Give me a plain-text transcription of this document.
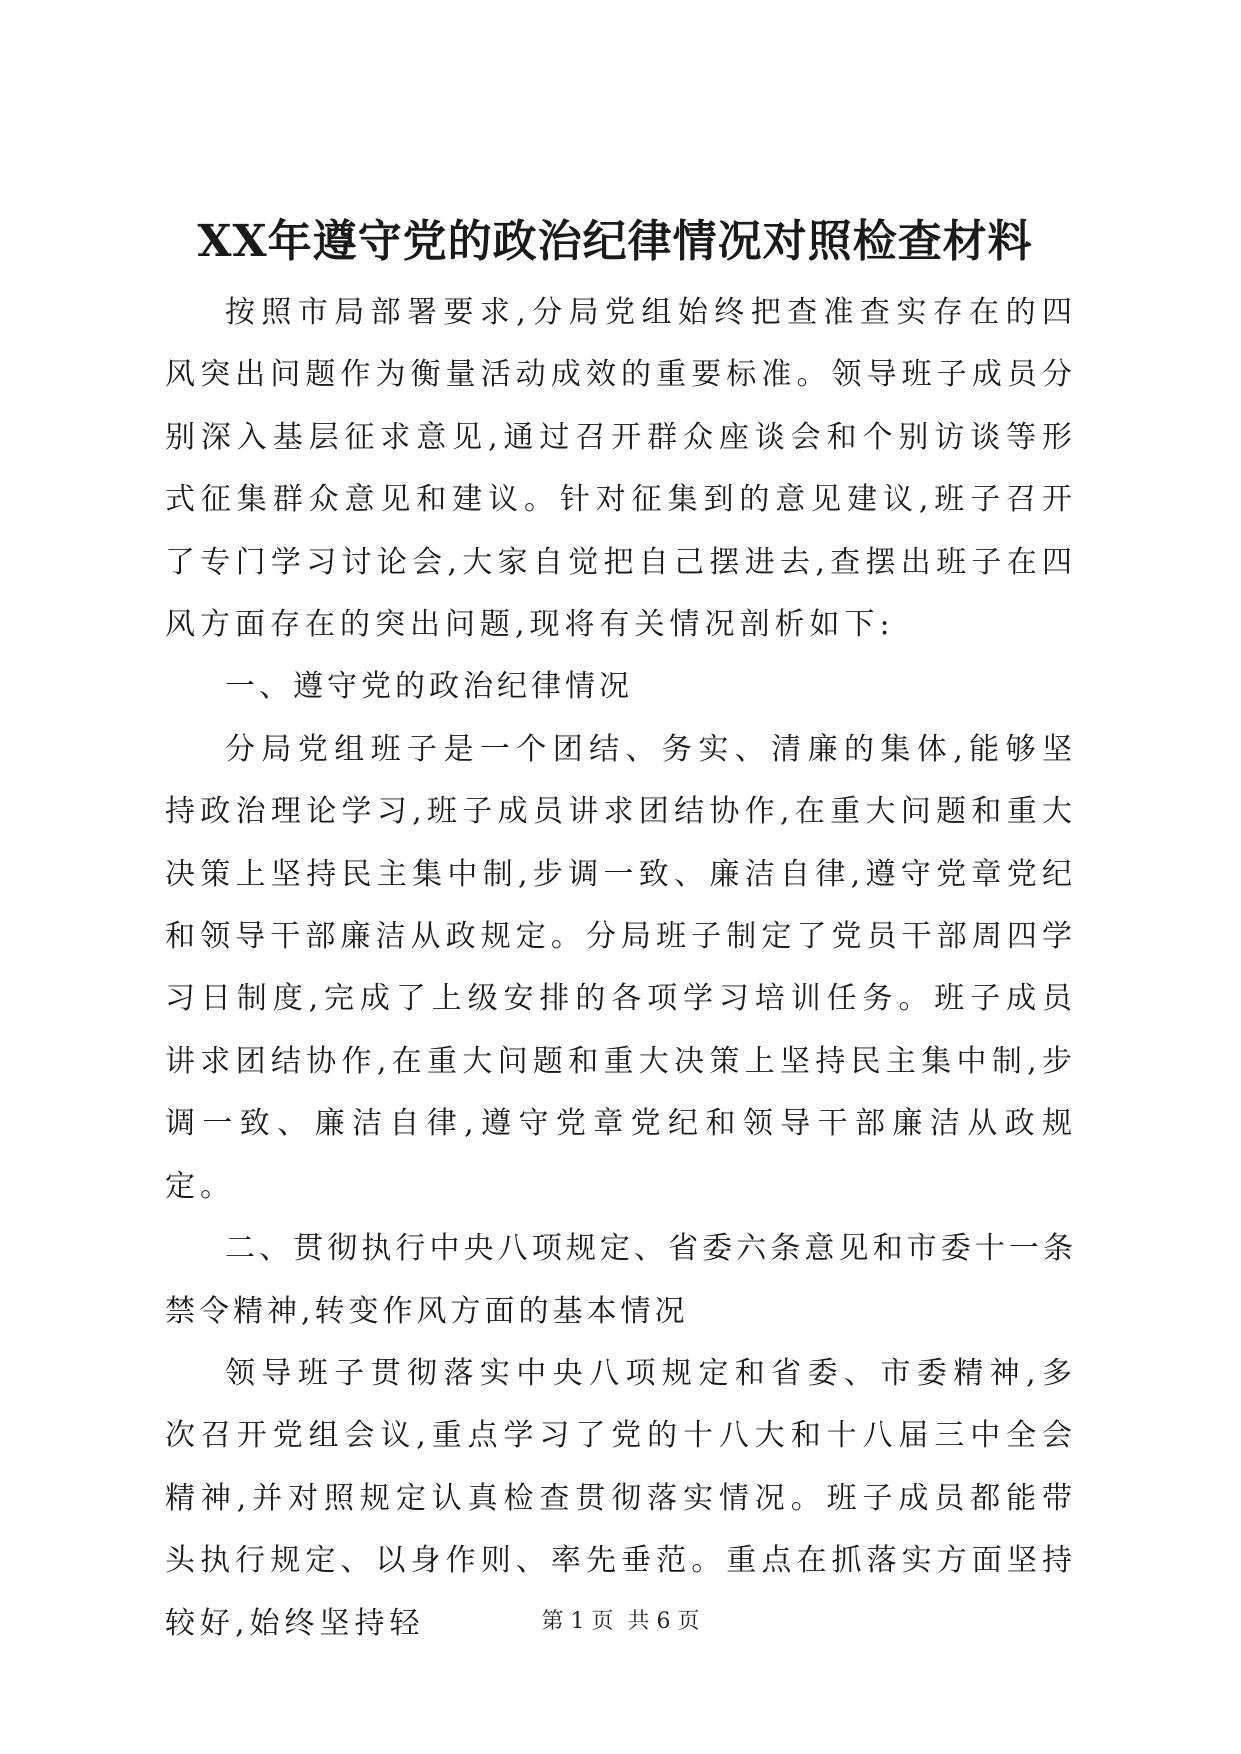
XX年遵守党的政治纪律情况对照检查材料

按照市局部署要求,分局党组始终把查准查实存在的四风突出问题作为衡量活动成效的重要标准。领导班子成员分别深入基层征求意见,通过召开群众座谈会和个别访谈等形式征集群众意见和建议。针对征集到的意见建议,班子召开了专门学习讨论会,大家自觉把自己摆进去,查摆出班子在四风方面存在的突出问题,现将有关情况剖析如下:

一、遵守党的政治纪律情况

分局党组班子是一个团结、务实、清廉的集体,能够坚持政治理论学习,班子成员讲求团结协作,在重大问题和重大决策上坚持民主集中制,步调一致、廉洁自律,遵守党章党纪和领导干部廉洁从政规定。分局班子制定了党员干部周四学习日制度,完成了上级安排的各项学习培训任务。班子成员讲求团结协作,在重大问题和重大决策上坚持民主集中制,步调一致、廉洁自律,遵守党章党纪和领导干部廉洁从政规定。

二、贯彻执行中央八项规定、省委六条意见和市委十一条禁令精神,转变作风方面的基本情况

领导班子贯彻落实中央八项规定和省委、市委精神,多次召开党组会议,重点学习了党的十八大和十八届三中全会精神,并对照规定认真检查贯彻落实情况。班子成员都能带头执行规定、以身作则、率先垂范。重点在抓落实方面坚持较好,始终坚持轻	第 1 页 共 6 页
